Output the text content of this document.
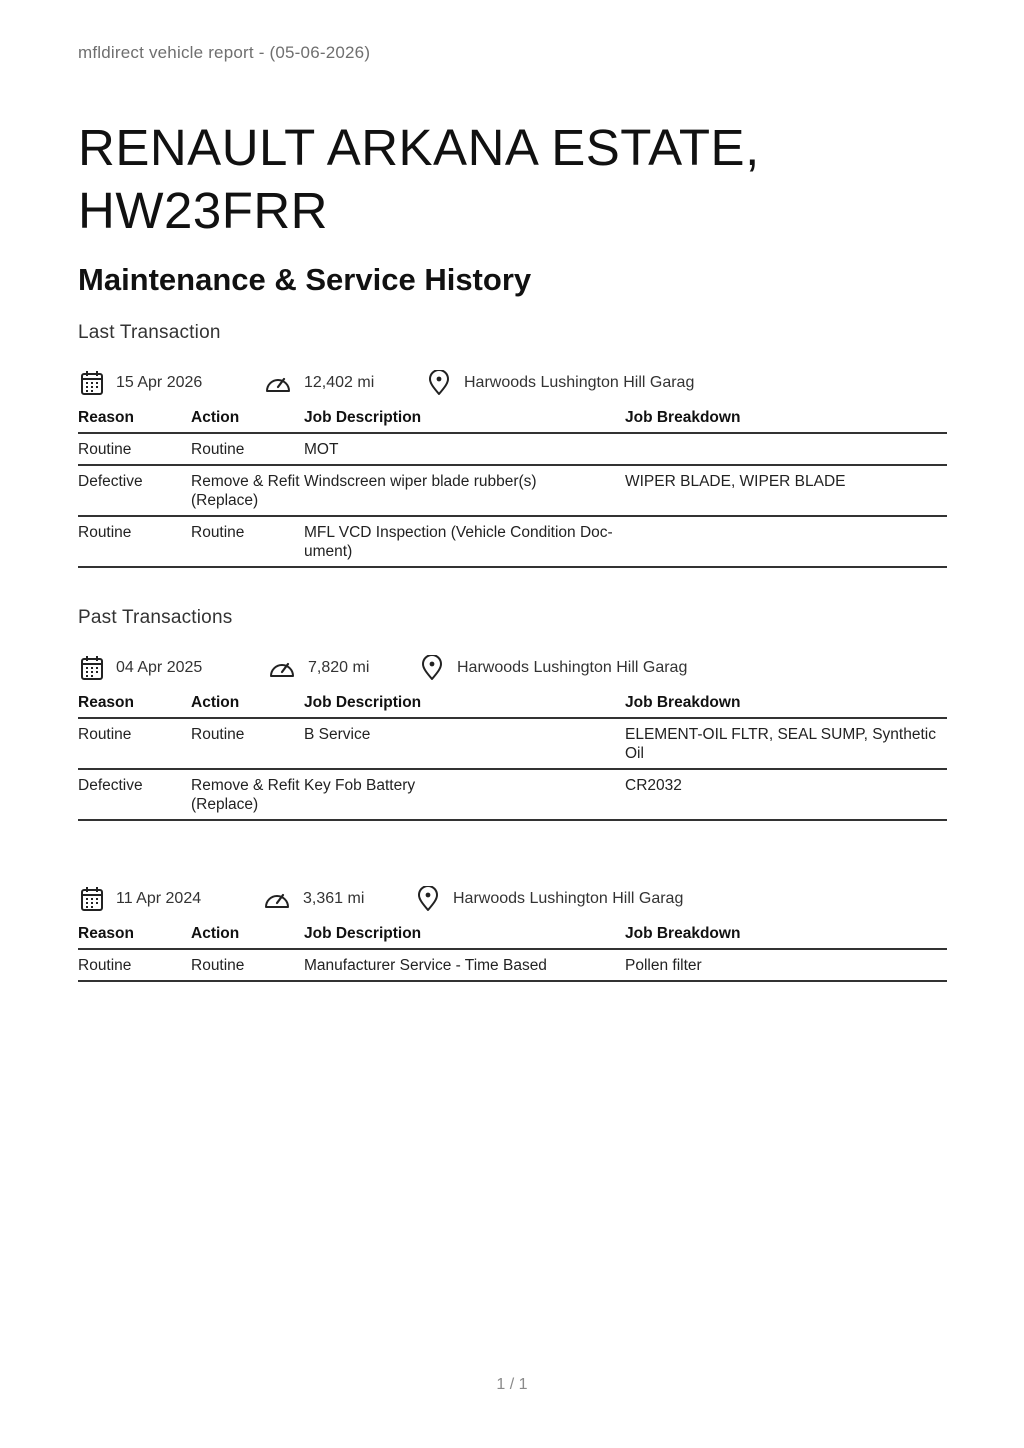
mfldirect vehicle report - (05-06-2026)
RENAULT ARKANA ESTATE,
HW23FRR
Maintenance & Service History
Last Transaction
15 Apr 2026	12,402 mi	Harwoods Lushington Hill Garag
Reason	Action	Job Description	Job Breakdown
Routine	Routine	MOT	
Defective	Remove & Refit (Replace)	Windscreen wiper blade rubber(s)	WIPER BLADE, WIPER BLADE
Routine	Routine	MFL VCD Inspection (Vehicle Condition Doc-ument)	
Past Transactions
04 Apr 2025	7,820 mi	Harwoods Lushington Hill Garag
Reason	Action	Job Description	Job Breakdown
Routine	Routine	B Service	ELEMENT-OIL FLTR, SEAL SUMP, Synthetic Oil
Defective	Remove & Refit (Replace)	Key Fob Battery	CR2032
11 Apr 2024	3,361 mi	Harwoods Lushington Hill Garag
Reason	Action	Job Description	Job Breakdown
Routine	Routine	Manufacturer Service - Time Based	Pollen filter
1 / 1
